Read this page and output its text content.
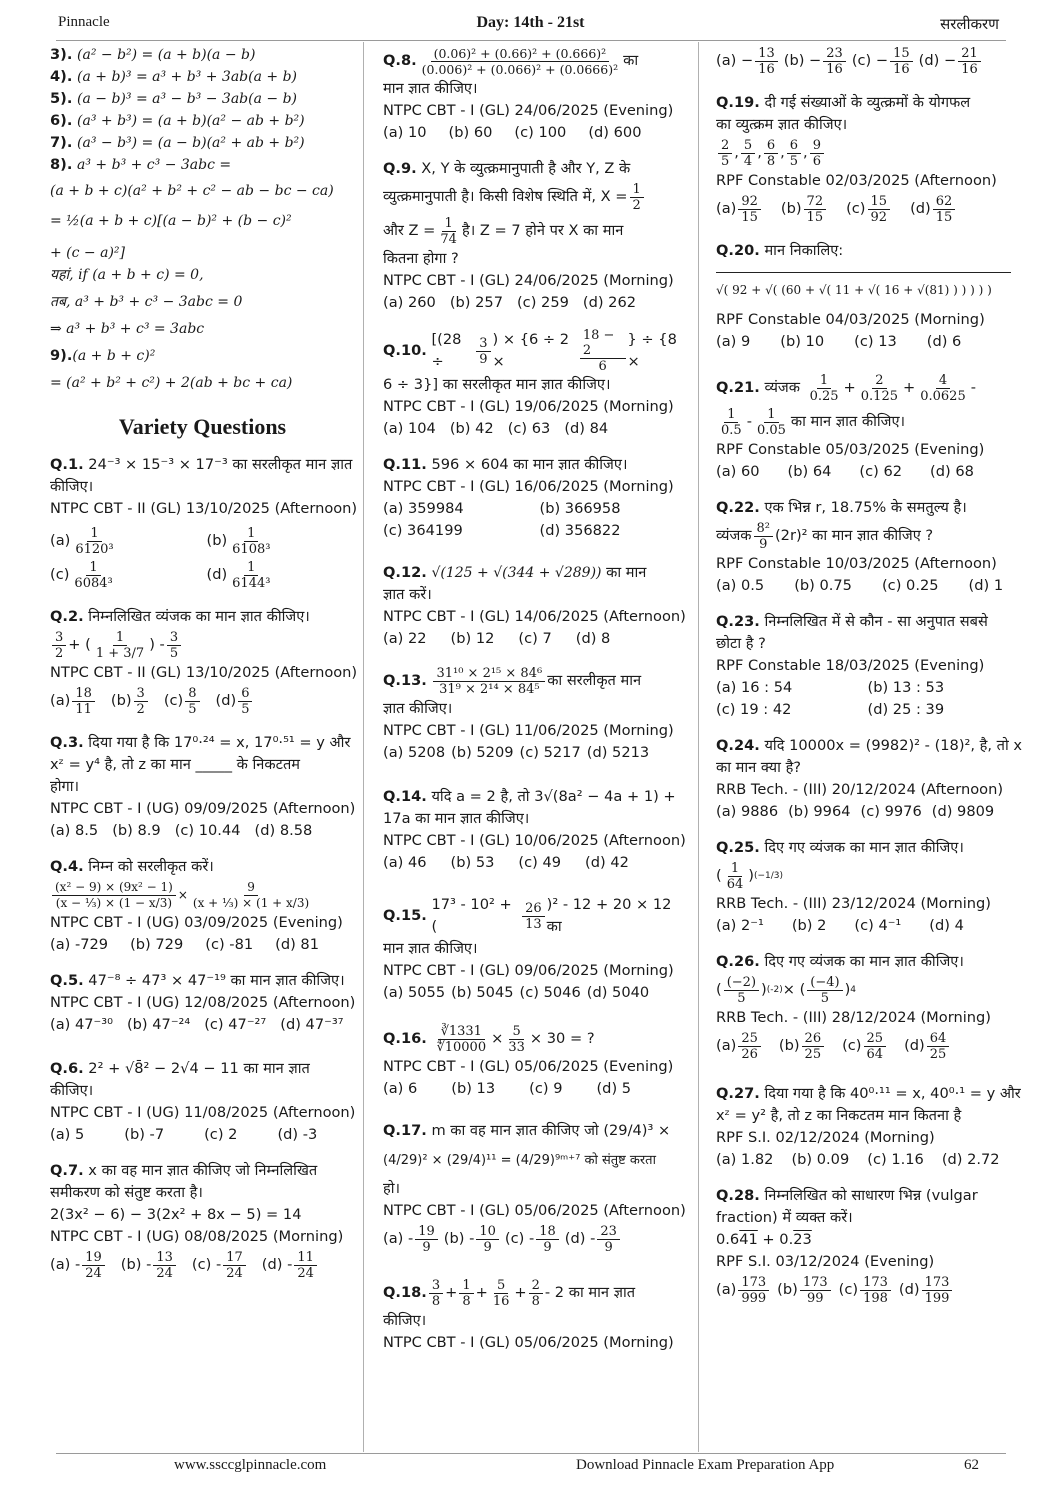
Pinnacle	Day: 14th - 21st	सरलीकरण
3). (a² − b²) = (a + b)(a − b)
4). (a + b)³ = a³ + b³ + 3ab(a + b)
5). (a − b)³ = a³ − b³ − 3ab(a − b)
6). (a³ + b³) = (a + b)(a² − ab + b²)
7). (a³ − b³) = (a − b)(a² + ab + b²)
8). a³ + b³ + c³ − 3abc =
(a + b + c)(a² + b² + c² − ab − bc − ca)
= ½(a + b + c)[(a − b)² + (b − c)²
+ (c − a)²]
यहां, if (a + b + c) = 0,
तब, a³ + b³ + c³ − 3abc = 0
⇒ a³ + b³ + c³ = 3abc
9).(a + b + c)²
= (a² + b² + c²) + 2(ab + bc + ca)
Variety Questions
Q.1. 24⁻³ × 15⁻³ × 17⁻³ का सरलीकृत मान ज्ञात
कीजिए।
NTPC CBT - II (GL) 13/10/2025 (Afternoon)
$(a) \frac{1}{\text{6120³}}$	$(b) \frac{1}{\text{6108³}}$
$(c) \frac{1}{\text{6084³}}$	$(d) \frac{1}{\text{6144³}}$
Q.2. निम्नलिखित व्यंजक का मान ज्ञात कीजिए।
$\frac{3}{2}$ + ( $\frac{1}{1 + 3/7}$ ) - $\frac{3}{5}$
NTPC CBT - II (GL) 13/10/2025 (Afternoon)
$(a) \frac{18}{11} (b) \frac{3}{2} (c) \frac{8}{5} (d) \frac{6}{5}$
Q.3. दिया गया है कि 17⁰·²⁴ = x, 17⁰·⁵¹ = y और
xᶻ = y⁴ है, तो z का मान _____ के निकटतम
होगा।
NTPC CBT - I (UG) 09/09/2025 (Afternoon)
(a) 8.5 (b) 8.9 (c) 10.44 (d) 8.58
Q.4. निम्न को सरलीकृत करें।
$\frac{\text{(x² − 9) × (9x² − 1)}}{\text{(x − ⅓) × (1 − x/3)}} \times \frac{9}{\text{(x + ⅓) × (1 + x/3)}}$
NTPC CBT - I (UG) 03/09/2025 (Evening)
(a) -729 (b) 729 (c) -81 (d) 81
Q.5. 47⁻⁸ ÷ 47³ × 47⁻¹⁹ का मान ज्ञात कीजिए।
NTPC CBT - I (UG) 12/08/2025 (Afternoon)
(a) 47⁻³⁰ (b) 47⁻²⁴ (c) 47⁻²⁷ (d) 47⁻³⁷
Q.6. 2² + √8̄² − 2√4 − 11 का मान ज्ञात
कीजिए।
NTPC CBT - I (UG) 11/08/2025 (Afternoon)
(a) 5	(b) -7	(c) 2	(d) -3
Q.7. x का वह मान ज्ञात कीजिए जो निम्नलिखित
समीकरण को संतुष्ट करता है।
2(3x² − 6) − 3(2x² + 8x − 5) = 14
NTPC CBT - I (UG) 08/08/2025 (Morning)
$(a) - \frac{19}{24} (b) - \frac{13}{24} (c) - \frac{17}{24} (d) - \frac{11}{24}$
Q.8. $\frac{\text{(0.06)² + (0.66)² + (0.666)²}}{\text{(0.006)² + (0.066)² + (0.0666)²}}$ का
मान ज्ञात कीजिए।
NTPC CBT - I (GL) 24/06/2025 (Evening)
(a) 10 (b) 60 (c) 100 (d) 600
Q.9. X, Y के व्युत्क्रमानुपाती है और Y, Z के
व्युत्क्रमानुपाती है। किसी विशेष स्थिति में, $X = \frac{1}{2}$
और $Z = \frac{1}{74}$ है। Z = 7 होने पर X का मान
कितना होगा ?
NTPC CBT - I (GL) 24/06/2025 (Morning)
(a) 260 (b) 257 (c) 259 (d) 262
Q.10.

[(28 ÷	$\frac{3}{9}$ ) × {6 ÷ 2 ×	$\frac{18 - 2}{6}$ } ÷ {8 ×
6 ÷ 3}] का सरलीकृत मान ज्ञात कीजिए।
NTPC CBT - I (GL) 19/06/2025 (Morning)
(a) 104 (b) 42 (c) 63 (d) 84
Q.11. 596 × 604 का मान ज्ञात कीजिए।
NTPC CBT - I (GL) 16/06/2025 (Morning)
(a) 359984	(b) 366958
(c) 364199	(d) 356822
Q.12. √(125 + √(344 + √289)) का मान
ज्ञात करें।
NTPC CBT - I (GL) 14/06/2025 (Afternoon)
(a) 22 (b) 12 (c) 7 (d) 8
Q.13.
$\frac{\text{31¹⁰ × 2¹⁵ × 84⁶}}{\text{31⁹ × 2¹⁴ × 84⁵}}$ का सरलीकृत मान
ज्ञात कीजिए।
NTPC CBT - I (GL) 11/06/2025 (Morning)
(a) 5208 (b) 5209 (c) 5217 (d) 5213
Q.14. यदि a = 2 है, तो 3√(8a² − 4a + 1) +
17a का मान ज्ञात कीजिए।
NTPC CBT - I (GL) 10/06/2025 (Afternoon)
(a) 46 (b) 53 (c) 49 (d) 42
Q.15.

17³ - 10² + (	$\frac{26}{13} )^2 - 12 + 20 \times 12$ का
मान ज्ञात कीजिए।
NTPC CBT - I (GL) 09/06/2025 (Morning)
(a) 5055 (b) 5045 (c) 5046 (d) 5040
Q.16.
$\frac{∛1331}{∜10000} \times \frac{5}{33} \times 30$ = ?
NTPC CBT - I (GL) 05/06/2025 (Evening)
(a) 6 (b) 13 (c) 9 (d) 5
Q.17. m का वह मान ज्ञात कीजिए जो (29/4)³ ×
(4/29)² × (29/4)¹¹ = (4/29)⁹ᵐ⁺⁷ को संतुष्ट करता
हो।
NTPC CBT - I (GL) 05/06/2025 (Afternoon)
$(a) - \frac{19}{9} (b) - \frac{10}{9} (c) - \frac{18}{9} (d) - \frac{23}{9}$
Q.18. $\frac{3}{8} + \frac{1}{8} + \frac{5}{16} + \frac{2}{8} - 2$ का मान ज्ञात
कीजिए।
NTPC CBT - I (GL) 05/06/2025 (Morning)
$(a) - \frac{13}{16} (b) - \frac{23}{16} (c) - \frac{15}{16} (d) - \frac{21}{16}$
Q.19. दी गई संख्याओं के व्युत्क्रमों के योगफल
का व्युत्क्रम ज्ञात कीजिए।
$\frac{2}{5}$ , $\frac{5}{4}$ , $\frac{6}{8}$ , $\frac{6}{5}$ , $\frac{9}{6}$
RPF Constable 02/03/2025 (Afternoon)
$(a) \frac{92}{15} (b) \frac{72}{15} (c) \frac{15}{92} (d) \frac{62}{15}$
Q.20. मान निकालिए:
√( 92 + √( (60 + √( 11 + √( 16 + √(81) ) ) ) ) )
RPF Constable 04/03/2025 (Morning)
(a) 9 (b) 10 (c) 13 (d) 6
Q.21.
व्यंजक
$\frac{1}{0.25} + \frac{2}{0.125} + \frac{4}{0.0625}$ -
$\frac{1}{0.5} - \frac{1}{0.05}$ का मान ज्ञात कीजिए।
RPF Constable 05/03/2025 (Evening)
(a) 60 (b) 64 (c) 62 (d) 68
Q.22. एक भिन्न r, 18.75% के समतुल्य है।
व्यंजक $\frac{\text{8²}}{9} (2r)^2$ का मान ज्ञात कीजिए ?
RPF Constable 10/03/2025 (Afternoon)
(a) 0.5 (b) 0.75 (c) 0.25 (d) 1
Q.23. निम्नलिखित में से कौन - सा अनुपात सबसे
छोटा है ?
RPF Constable 18/03/2025 (Evening)
(a) 16 : 54	(b) 13 : 53
(c) 19 : 42	(d) 25 : 39
Q.24. यदि 10000x = (9982)² - (18)², है, तो x
का मान क्या है?
RRB Tech. - (III) 20/12/2024 (Afternoon)
(a) 9886 (b) 9964 (c) 9976 (d) 9809
Q.25. दिए गए व्यंजक का मान ज्ञात कीजिए।
( $\frac{1}{64}$ ) (−1/3)
RRB Tech. - (III) 23/12/2024 (Morning)
(a) 2⁻¹ (b) 2 (c) 4⁻¹ (d) 4
Q.26. दिए गए व्यंजक का मान ज्ञात कीजिए।
( $\frac{(-2)}{5}$ ) (-2) × ( $\frac{(-4)}{5}$ ) 4
RRB Tech. - (III) 28/12/2024 (Morning)
$(a) \frac{25}{26} (b) \frac{26}{25} (c) \frac{25}{64} (d) \frac{64}{25}$
Q.27. दिया गया है कि 40⁰·¹¹ = x, 40⁰·¹ = y और
xᶻ = y² है, तो z का निकटतम मान कितना है
RPF S.I. 02/12/2024 (Morning)
(a) 1.82 (b) 0.09 (c) 1.16 (d) 2.72
Q.28. निम्नलिखित को साधारण भिन्न (vulgar
fraction) में व्यक्त करें।
0.641 + 0.23
RPF S.I. 03/12/2024 (Evening)
$(a) \frac{173}{999} (b) \frac{173}{99} (c) \frac{173}{198} (d) \frac{173}{199}$
www.ssccglpinnacle.com	Download Pinnacle Exam Preparation App	62
